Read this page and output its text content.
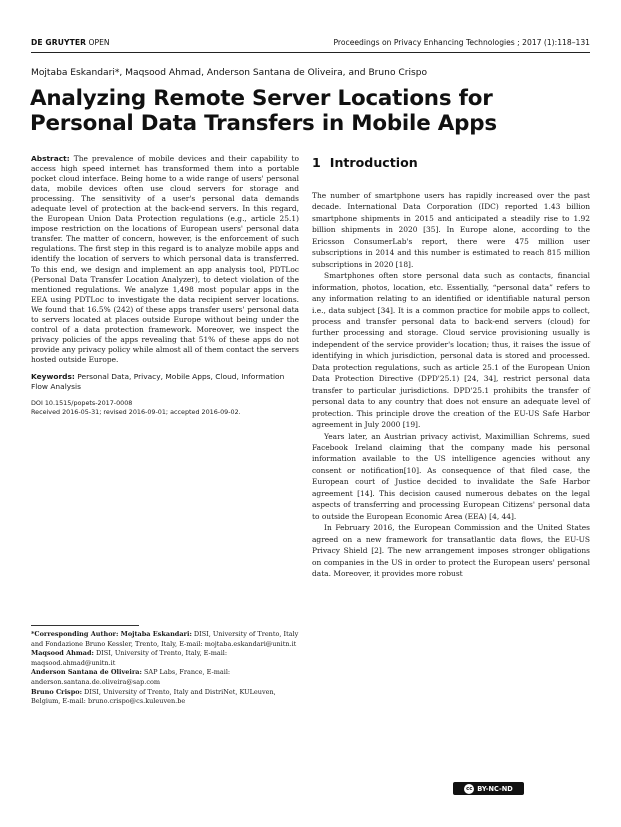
DE GRUYTER OPEN	Proceedings on Privacy Enhancing Technologies ; 2017 (1):118–131
Mojtaba Eskandari*, Maqsood Ahmad, Anderson Santana de Oliveira, and Bruno Crispo
Analyzing Remote Server Locations for
Personal Data Transfers in Mobile Apps
Abstract: The prevalence of mobile devices and their capability to access high speed internet has transformed them into a portable pocket cloud interface. Being home to a wide range of users' personal data, mobile devices often use cloud servers for storage and processing. The sensitivity of a user's personal data demands adequate level of protection at the back-end servers. In this regard, the European Union Data Protection regulations (e.g., article 25.1) impose restriction on the locations of European users' personal data transfer. The matter of concern, however, is the enforcement of such regulations. The first step in this regard is to analyze mobile apps and identify the location of servers to which personal data is transferred. To this end, we design and implement an app analysis tool, PDTLoc (Personal Data Transfer Location Analyzer), to detect violation of the mentioned regulations. We analyze 1,498 most popular apps in the EEA using PDTLoc to investigate the data recipient server locations. We found that 16.5% (242) of these apps transfer users' personal data to servers located at places outside Europe without being under the control of a data protection framework. Moreover, we inspect the privacy policies of the apps revealing that 51% of these apps do not provide any privacy policy while almost all of them contact the servers hosted outside Europe.
Keywords: Personal Data, Privacy, Mobile Apps, Cloud, Information Flow Analysis
DOI 10.1515/popets-2017-0008
Received 2016-05-31; revised 2016-09-01; accepted 2016-09-02.
*Corresponding Author: Mojtaba Eskandari: DISI, University of Trento, Italy and Fondazione Bruno Kessler, Trento, Italy, E-mail: mojtaba.eskandari@unitn.it
Maqsood Ahmad: DISI, University of Trento, Italy, E-mail: maqsood.ahmad@unitn.it
Anderson Santana de Oliveira: SAP Labs, France, E-mail: anderson.santana.de.oliveira@sap.com
Bruno Crispo: DISI, University of Trento, Italy and DistriNet, KULeuven, Belgium, E-mail: bruno.crispo@cs.kuleuven.be
1 Introduction

The number of smartphone users has rapidly increased over the past decade. International Data Corporation (IDC) reported 1.43 billion smartphone shipments in 2015 and anticipated a steadily rise to 1.92 billion shipments in 2020 [35]. In Europe alone, according to the Ericsson ConsumerLab's report, there were 475 million user subscriptions in 2014 and this number is estimated to reach 815 million subscriptions in 2020 [18].

Smartphones often store personal data such as contacts, financial information, photos, location, etc. Essentially, “personal data” refers to any information relating to an identified or identifiable natural person i.e., data subject [34]. It is a common practice for mobile apps to collect, process and transfer personal data to back-end servers (cloud) for further processing and storage. Cloud service provisioning usually is independent of the service provider's location; thus, it raises the issue of identifying in which jurisdiction, personal data is stored and processed. Data protection regulations, such as article 25.1 of the European Union Data Protection Directive (DPD'25.1) [24, 34], restrict personal data transfer to particular jurisdictions. DPD'25.1 prohibits the transfer of personal data to any country that does not ensure an adequate level of protection. This principle drove the creation of the EU-US Safe Harbor agreement in July 2000 [19].

Years later, an Austrian privacy activist, Maximillian Schrems, sued Facebook Ireland claiming that the company made his personal information available to the US intelligence agencies without any consent or notification[10]. As consequence of that filed case, the European court of Justice decided to invalidate the Safe Harbor agreement [14]. This decision caused numerous debates on the legal aspects of transferring and processing European Citizens' personal data to outside the European Economic Area (EEA) [4, 44].

In February 2016, the European Commission and the United States agreed on a new framework for transatlantic data flows, the EU-US Privacy Shield [2]. The new arrangement imposes stronger obligations on companies in the US in order to protect the European users' personal data. Moreover, it provides more robust

cc BY-NC-ND
